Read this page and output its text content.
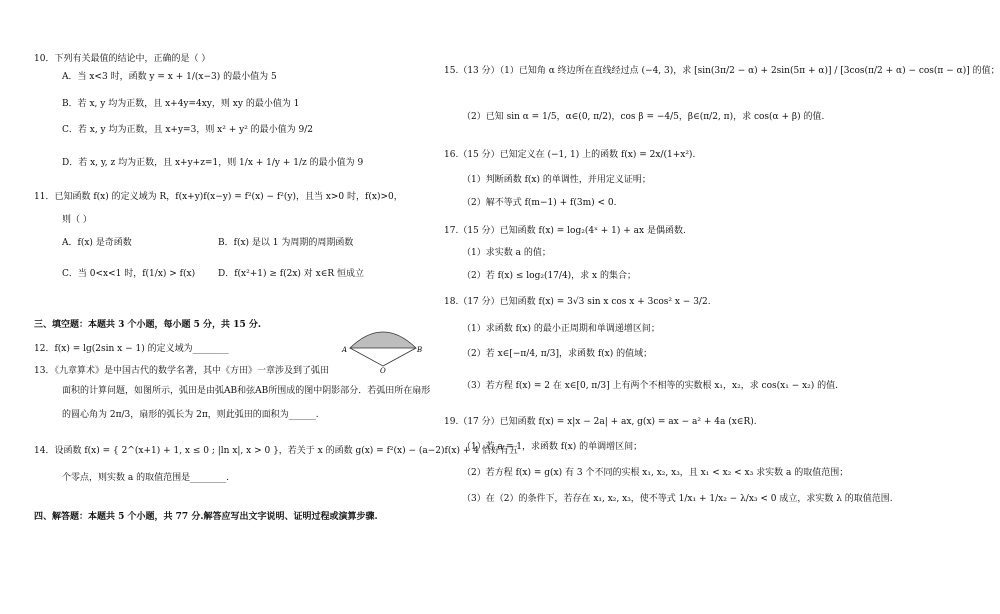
10．下列有关最值的结论中，正确的是（ ）
A．当 x<3 时，函数 y = x + 1/(x−3) 的最小值为 5
B．若 x, y 均为正数，且 x+4y=4xy，则 xy 的最小值为 1
C．若 x, y 均为正数，且 x+y=3，则 x² + y² 的最小值为 9/2
D．若 x, y, z 均为正数，且 x+y+z=1，则 1/x + 1/y + 1/z 的最小值为 9
11．已知函数 f(x) 的定义域为 R，f(x+y)f(x−y) = f²(x) − f²(y)，且当 x>0 时，f(x)>0，
则（ ）
A．f(x) 是奇函数	B．f(x) 是以 1 为周期的周期函数
C．当 0<x<1 时，f(1/x) > f(x)	D．f(x²+1) ≥ f(2x) 对 x∈R 恒成立
三、填空题：本题共 3 个小题，每小题 5 分，共 15 分.
12．f(x) = lg(2sin x − 1) 的定义域为________	A	B
O
13．《九章算术》是中国古代的数学名著，其中《方田》一章涉及到了弧田
面积的计算问题，如图所示，弧田是由弧AB和弦AB所围成的图中阴影部分．若弧田所在扇形
的圆心角为 2π/3，扇形的弧长为 2π，则此弧田的面积为______.
14．设函数 f(x) = { 2^(x+1) + 1, x ≤ 0 ; |ln x|, x > 0 }，若关于 x 的函数 g(x) = f²(x) − (a−2)f(x) + 4 恰好有五
个零点，则实数 a 的取值范围是________.
四、解答题：本题共 5 个小题，共 77 分.解答应写出文字说明、证明过程或演算步骤.
15.（13 分）（1）已知角 α 终边所在直线经过点 (−4, 3)，求 [sin(3π/2 − α) + 2sin(5π + α)] / [3cos(π/2 + α) − cos(π − α)] 的值；
（2）已知 sin α = 1/5，α∈(0, π/2)，cos β = −4/5，β∈(π/2, π)，求 cos(α + β) 的值.
16.（15 分）已知定义在 (−1, 1) 上的函数 f(x) = 2x/(1+x²).
（1）判断函数 f(x) 的单调性，并用定义证明；
（2）解不等式 f(m−1) + f(3m) < 0.
17.（15 分）已知函数 f(x) = log₂(4ˣ + 1) + ax 是偶函数.
（1）求实数 a 的值；
（2）若 f(x) ≤ log₂(17/4)，求 x 的集合；
18.（17 分）已知函数 f(x) = 3√3 sin x cos x + 3cos² x − 3/2.
（1）求函数 f(x) 的最小正周期和单调递增区间；
（2）若 x∈[−π/4, π/3]，求函数 f(x) 的值域；
（3）若方程 f(x) = 2 在 x∈[0, π/3] 上有两个不相等的实数根 x₁，x₂，求 cos(x₁ − x₂) 的值.
19.（17 分）已知函数 f(x) = x|x − 2a| + ax, g(x) = ax − a² + 4a (x∈R).
（1）若 a = 1，求函数 f(x) 的单调增区间；
（2）若方程 f(x) = g(x) 有 3 个不同的实根 x₁, x₂, x₃，且 x₁ < x₂ < x₃ 求实数 a 的取值范围；
（3）在（2）的条件下，若存在 x₁, x₂, x₃，使不等式 1/x₁ + 1/x₂ − λ/x₃ < 0 成立，求实数 λ 的取值范围.
